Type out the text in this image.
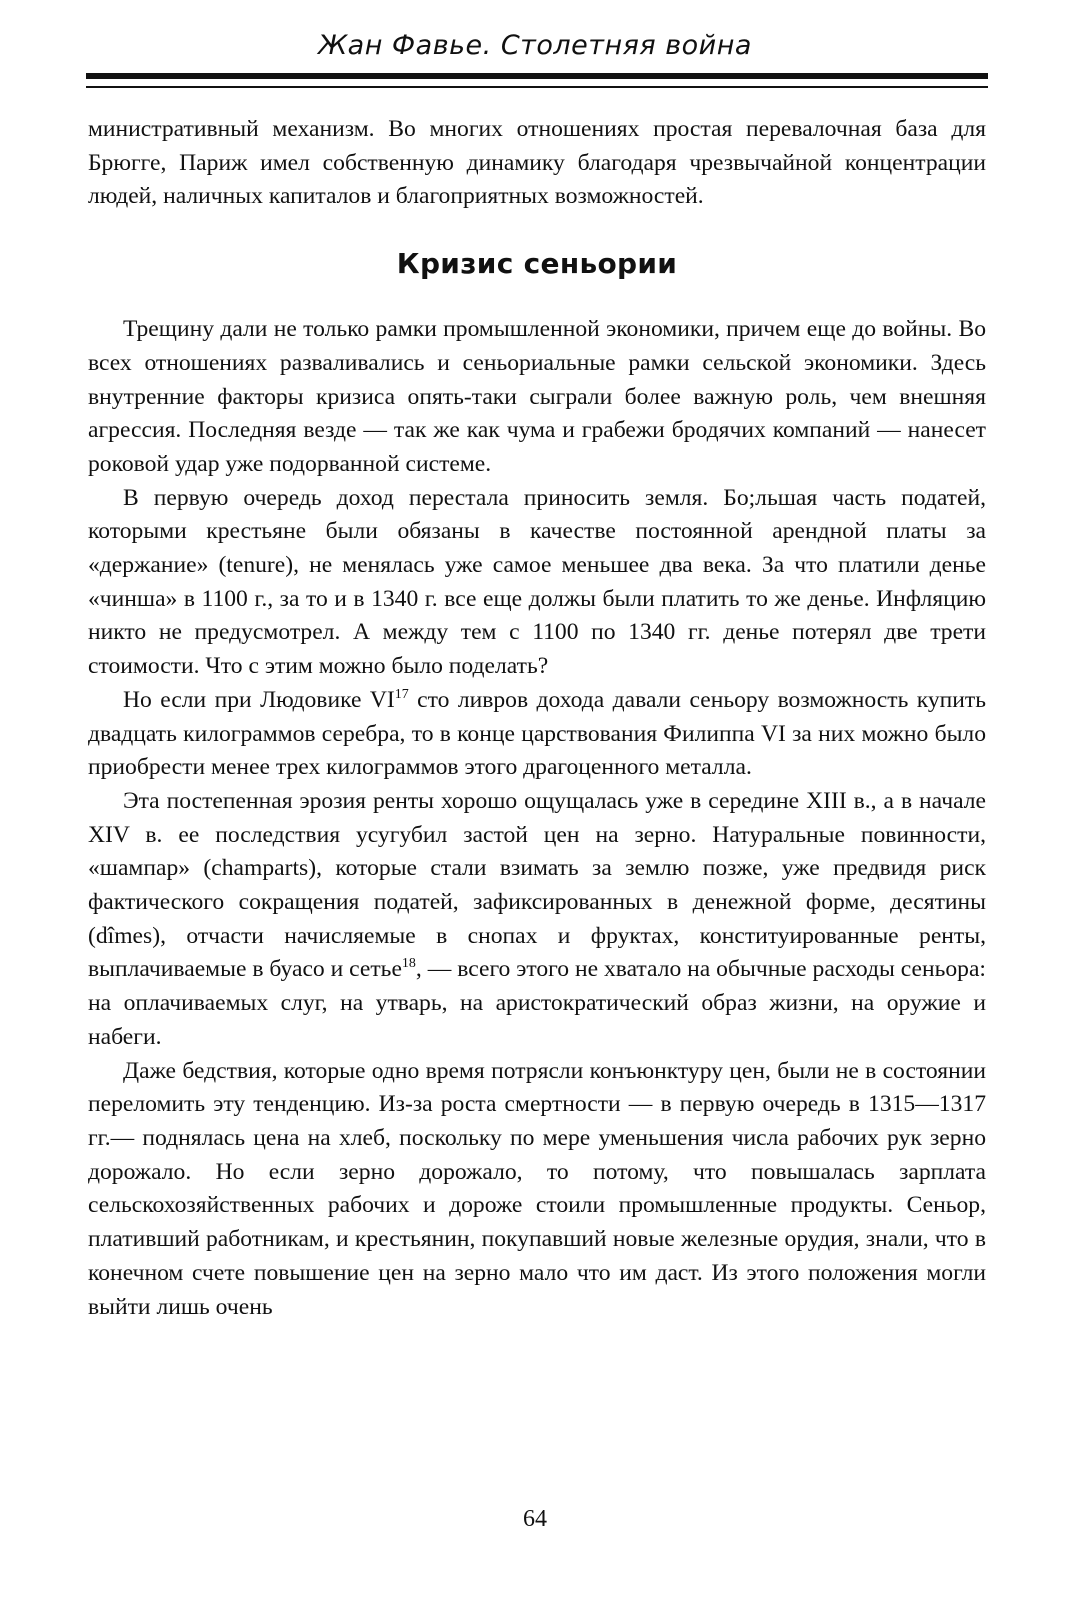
Жан Фавье. Столетняя война

министративный механизм. Во многих отношениях простая перевалочная база для Брюгге, Париж имел собственную динамику благодаря чрезвычайной концентрации людей, наличных капиталов и благоприятных возможностей.

Кризис сеньории

Трещину дали не только рамки промышленной экономики, причем еще до войны. Во всех отношениях разваливались и сеньориальные рамки сельской экономики. Здесь внутренние факторы кризиса опять-таки сыграли более важную роль, чем внешняя агрессия. Последняя везде — так же как чума и грабежи бродячих компаний — нанесет роковой удар уже подорванной системе.

В первую очередь доход перестала приносить земля. Бо;льшая часть податей, которыми крестьяне были обязаны в качестве постоянной арендной платы за «держание» (tenure), не менялась уже самое меньшее два века. За что платили денье «чинша» в 1100 г., за то и в 1340 г. все еще должы были платить то же денье. Инфляцию никто не предусмотрел. А между тем с 1100 по 1340 гг. денье потерял две трети стоимости. Что с этим можно было поделать?

Но если при Людовике VI$^{17}$ сто ливров дохода давали сеньору возможность купить двадцать килограммов серебра, то в конце царствования Филиппа VI за них можно было приобрести менее трех килограммов этого драгоценного металла.

Эта постепенная эрозия ренты хорошо ощущалась уже в середине XIII в., а в начале XIV в. ее последствия усугубил застой цен на зерно. Натуральные повинности, «шампар» (champarts), которые стали взимать за землю позже, уже предвидя риск фактического сокращения податей, зафиксированных в денежной форме, десятины (dîmes), отчасти начисляемые в снопах и фруктах, конституированные ренты, выплачиваемые в буасо и сетье$^{18}$, — всего этого не хватало на обычные расходы сеньора: на оплачиваемых слуг, на утварь, на аристократический образ жизни, на оружие и набеги.

Даже бедствия, которые одно время потрясли конъюнктуру цен, были не в состоянии переломить эту тенденцию. Из-за роста смертности — в первую очередь в 1315—1317 гг.— поднялась цена на хлеб, поскольку по мере уменьшения числа рабочих рук зерно дорожало. Но если зерно дорожало, то потому, что повышалась зарплата сельскохозяйственных рабочих и дороже стоили промышленные продукты. Сеньор, плативший работникам, и крестьянин, покупавший новые железные орудия, знали, что в конечном счете повышение цен на зерно мало что им даст. Из этого положения могли выйти лишь очень

64
